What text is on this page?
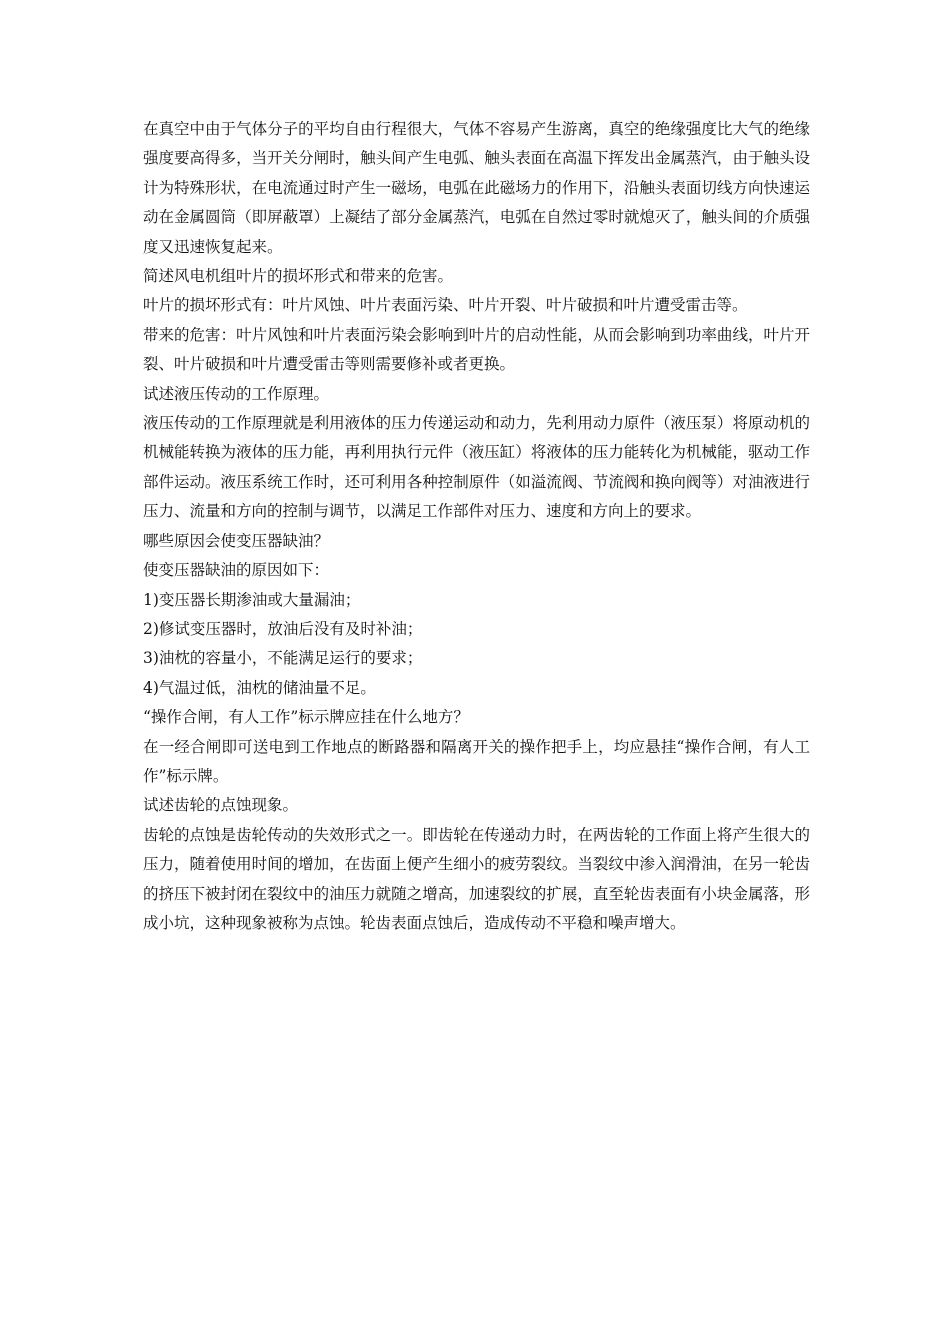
在真空中由于气体分子的平均自由行程很大，气体不容易产生游离，真空的绝缘强度比大气的绝缘强度要高得多，当开关分闸时，触头间产生电弧、触头表面在高温下挥发出金属蒸汽，由于触头设计为特殊形状，在电流通过时产生一磁场，电弧在此磁场力的作用下，沿触头表面切线方向快速运动在金属圆筒（即屏蔽罩）上凝结了部分金属蒸汽，电弧在自然过零时就熄灭了，触头间的介质强度又迅速恢复起来。

简述风电机组叶片的损坏形式和带来的危害。

叶片的损坏形式有：叶片风蚀、叶片表面污染、叶片开裂、叶片破损和叶片遭受雷击等。

带来的危害：叶片风蚀和叶片表面污染会影响到叶片的启动性能，从而会影响到功率曲线，叶片开裂、叶片破损和叶片遭受雷击等则需要修补或者更换。

试述液压传动的工作原理。

液压传动的工作原理就是利用液体的压力传递运动和动力，先利用动力原件（液压泵）将原动机的机械能转换为液体的压力能，再利用执行元件（液压缸）将液体的压力能转化为机械能，驱动工作部件运动。液压系统工作时，还可利用各种控制原件（如溢流阀、节流阀和换向阀等）对油液进行压力、流量和方向的控制与调节，以满足工作部件对压力、速度和方向上的要求。

哪些原因会使变压器缺油？

使变压器缺油的原因如下：

1)变压器长期渗油或大量漏油；

2)修试变压器时，放油后没有及时补油；

3)油枕的容量小，不能满足运行的要求；

4)气温过低，油枕的储油量不足。

“操作合闸，有人工作”标示牌应挂在什么地方？

在一经合闸即可送电到工作地点的断路器和隔离开关的操作把手上，均应悬挂“操作合闸，有人工作”标示牌。

试述齿轮的点蚀现象。

齿轮的点蚀是齿轮传动的失效形式之一。即齿轮在传递动力时，在两齿轮的工作面上将产生很大的压力，随着使用时间的增加，在齿面上便产生细小的疲劳裂纹。当裂纹中渗入润滑油，在另一轮齿的挤压下被封闭在裂纹中的油压力就随之增高，加速裂纹的扩展，直至轮齿表面有小块金属落，形成小坑，这种现象被称为点蚀。轮齿表面点蚀后，造成传动不平稳和噪声增大。
